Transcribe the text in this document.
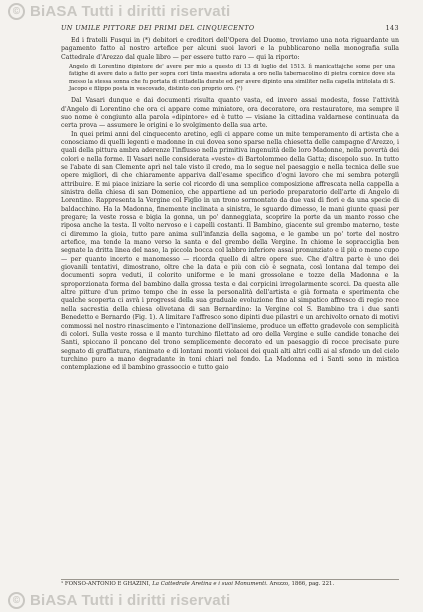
© BiASA Tutti i diritti riservati
UN UMILE PITTORE DEI PRIMI DEL CINQUECENTO	143

Ed i fratelli Fusqui in (*) debitori e creditori dell'Opera del Duomo, troviamo una nota riguardante un pagamento fatto al nostro artefice per alcuni suoi lavori e la pubblicarono nella monografia sulla Cattedrale d'Arezzo dal quale libro — per essere tutto raro — qui la riporto:

Angelo di Lorentino dipintore de' avere per mio a questo di 13 di luglio del 1513. lì manicattajche some per una fatighe di avere dato a fatto per sopra cori tinta maestra adorata a oro nella tabernacolino di pietra cornice dove sta messo la stessa sonna che fu portata di cittadella durate ed per avere dipinto una similiter nella capella intitolata di S. Jacopo e filippo posta in vescovado, distinto con proprio oro. (¹)

Dal Vasari dunque e dai documenti risulta quanto vasta, ed invero assai modesta, fosse l'attività d'Angelo di Lorentino che ora ci appare come miniatore, ora decoratore, ora restauratore, ma sempre il suo nome è congiunto alla parola «dipintore» ed è tutto — visiane la cittadina valdarnese continuata da certa prova — assumere le origini e lo svolgimento della sua arte.

In quei primi anni del cinquecento aretino, egli ci appare come un mite temperamento di artista che a conosciamo di quelli legenti e madonne in cui dovea sono sparse nella chiesetta delle campagne d'Arezzo, i quali della pittura ambra aderenze l'influsso nella primitiva ingenuità delle loro Madonne, nella povertà dei colori e nella forme. Il Vasari nelle considerata «veste» di Bartolommeo della Gatta; discepolo suo. In tutto se l'abate di san Clemente aprì nel tale visto il credo, ma lo segue nel paesaggio e nella tecnica delle sue opere migliori, di che chiaramente appariva dall'esame specifico d'ogni lavoro che mi sembra poterglì attribuire. E mi piace iniziare la serie col ricordo di una semplice composizione affrescata nella cappella a sinistra della chiesa di san Domenico, che appartiene ad un periodo preparatorio dell'arte di Angelo di Lorentino. Rappresenta la Vergine col Figlio in un trono sormontato da due vasi di fiori e da una specie di baldacchino. Ha la Madonna, finemente inclinata a sinistra, le sguardo dimesso, le mani giunte quasi per pregare; la veste rossa e bigia la gonna, un po' danneggiata, scoprire la porte da un manto rosso che riposa anche la testa. Il volto nervoso e i capelli costanti. Il Bambino, giacente sul grembo materno, teste ci diremmo la gioia, tutto pare anima sull'infanzia della sagoma, e le gambe un po' torte del nostro artefice, ma tende la mano verso la santa e del grembo della Vergine. In chiome le sopracciglia ben segnate la dritta linea del naso, la piccola bocca col labbro inferiore assai pronunziato e il più o meno cupo — per quanto incerto e manomesso — ricorda quello di altre opere sue. Che d'altra parte è uno dei giovanili tentativi, dimostrano, oltre che la data e più con ciò è segnata, così lontana dal tempo dei documenti sopra veduti, il colorito uniforme e le mani grossolane e tozze della Madonna e la sproporzionata forma del bambino dalla grossa testa e dai corpicini irregolarmente scorci. Da questa alle altre pitture d'un primo tempo che in esse la personalità dell'artista e già formata e sperimenta che qualche scoperta ci avrà i progressi della sua graduale evoluzione fino al simpatico affresco di regio rece nella sacrestia della chiesa olivetana di san Bernardino: la Vergine col S. Bambino tra i due santi Benedetto e Bernardo (Fig. 1). A limitare l'affresco sono dipinti due pilastri e un archivolto ornato di motivi commossi nel nostro rinascimento e l'intonazione dell'insieme, produce un effetto gradevole con semplicità di colori. Sulla veste rossa e il manto turchino filettato ad oro della Vergine e sulle candide tonache dei Santi, spiccano il poncano del trono semplicemente decorato ed un paesaggio di rocce precisate pure segnato di graffiatura, rianimato e di lontani monti violacei dei quali alti altri colli ai al sfondo un del cielo turchino puro a mano degradante in toni chiari nel fondo. La Madonna ed i Santi sono in mistica contemplazione ed il bambino grassoccio e tutto gaio

¹ FONSO-ANTONIO E GHAZINI, La Cattedrale Aretina e i suoi Monumenti. Arezzo, 1866, pag. 221.
© BiASA Tutti i diritti riservati
